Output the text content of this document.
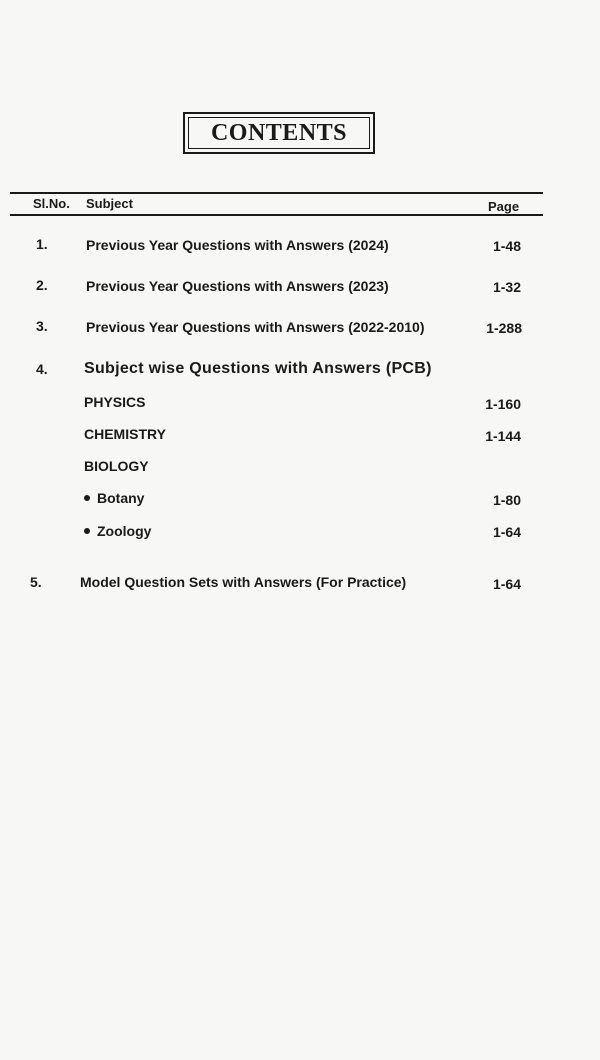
CONTENTS
Sl.No. Subject	Page
1.	Previous Year Questions with Answers (2024)	1-48
2.	Previous Year Questions with Answers (2023)	1-32
3.	Previous Year Questions with Answers (2022-2010)	1-288
4. Subject wise Questions with Answers (PCB)
PHYSICS	1-160
CHEMISTRY	1-144
BIOLOGY
Botany	1-80
Zoology	1-64
5.	Model Question Sets with Answers (For Practice)	1-64
